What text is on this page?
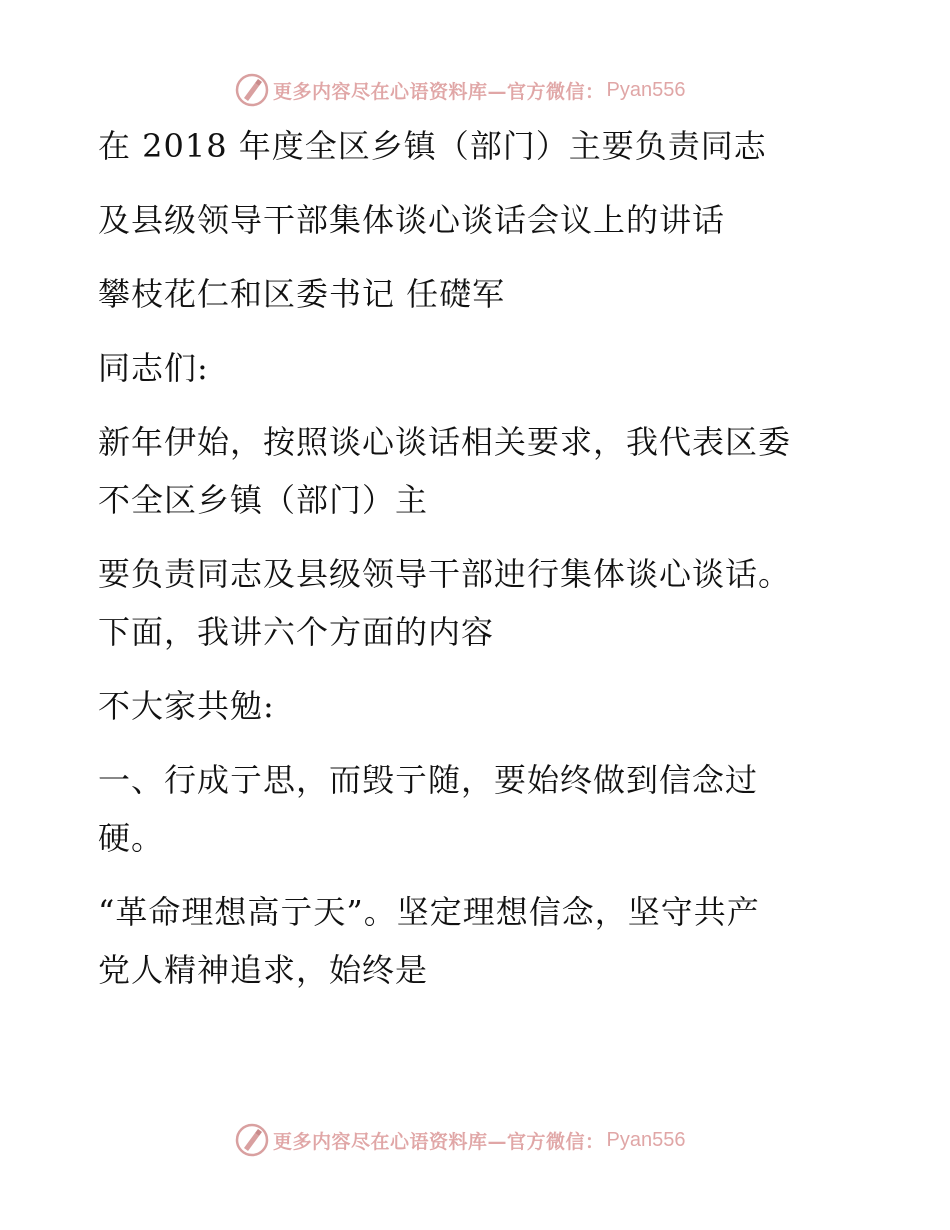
更多内容尽在心语资料库—官方微信： Pyan556
在 2018 年度全区乡镇（部门）主要负责同志
及县级领导干部集体谈心谈话会议上的讲话
攀枝花仁和区委书记 任礎军
同志们:
新年伊始，按照谈心谈话相关要求，我代表区委
不全区乡镇（部门）主
要负责同志及县级领导干部迚行集体谈心谈话。
下面，我讲六个方面的内容
不大家共勉:
一、行成亍思，而毁亍随，要始终做到信念过
硬。
“革命理想高亍天”。坚定理想信念，坚守共产
党人精神追求，始终是
更多内容尽在心语资料库—官方微信： Pyan556
